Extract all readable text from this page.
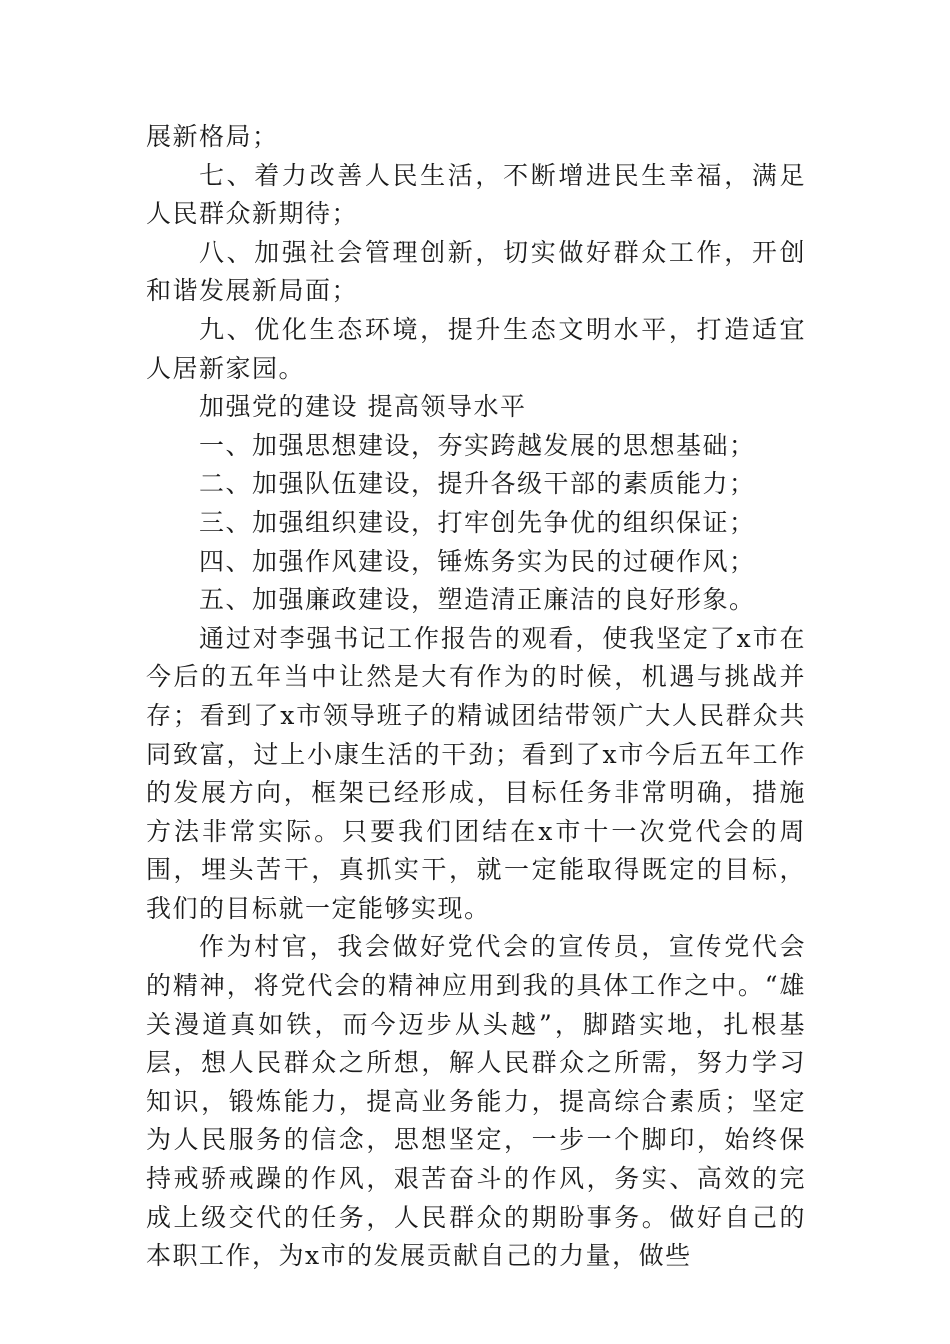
展新格局；

七、着力改善人民生活，不断增进民生幸福，满足人民群众新期待；

八、加强社会管理创新，切实做好群众工作，开创和谐发展新局面；

九、优化生态环境，提升生态文明水平，打造适宜人居新家园。

加强党的建设 提高领导水平

一、加强思想建设，夯实跨越发展的思想基础；

二、加强队伍建设，提升各级干部的素质能力；

三、加强组织建设，打牢创先争优的组织保证；

四、加强作风建设，锤炼务实为民的过硬作风；

五、加强廉政建设，塑造清正廉洁的良好形象。

通过对李强书记工作报告的观看，使我坚定了x市在今后的五年当中让然是大有作为的时候，机遇与挑战并存；看到了x市领导班子的精诚团结带领广大人民群众共同致富，过上小康生活的干劲；看到了x市今后五年工作的发展方向，框架已经形成，目标任务非常明确，措施方法非常实际。只要我们团结在x市十一次党代会的周围，埋头苦干，真抓实干，就一定能取得既定的目标，我们的目标就一定能够实现。

作为村官，我会做好党代会的宣传员，宣传党代会的精神，将党代会的精神应用到我的具体工作之中。“雄关漫道真如铁，而今迈步从头越”，脚踏实地，扎根基层，想人民群众之所想，解人民群众之所需，努力学习知识，锻炼能力，提高业务能力，提高综合素质；坚定为人民服务的信念，思想坚定，一步一个脚印，始终保持戒骄戒躁的作风，艰苦奋斗的作风，务实、高效的完成上级交代的任务，人民群众的期盼事务。做好自己的本职工作，为x市的发展贡献自己的力量，做些
